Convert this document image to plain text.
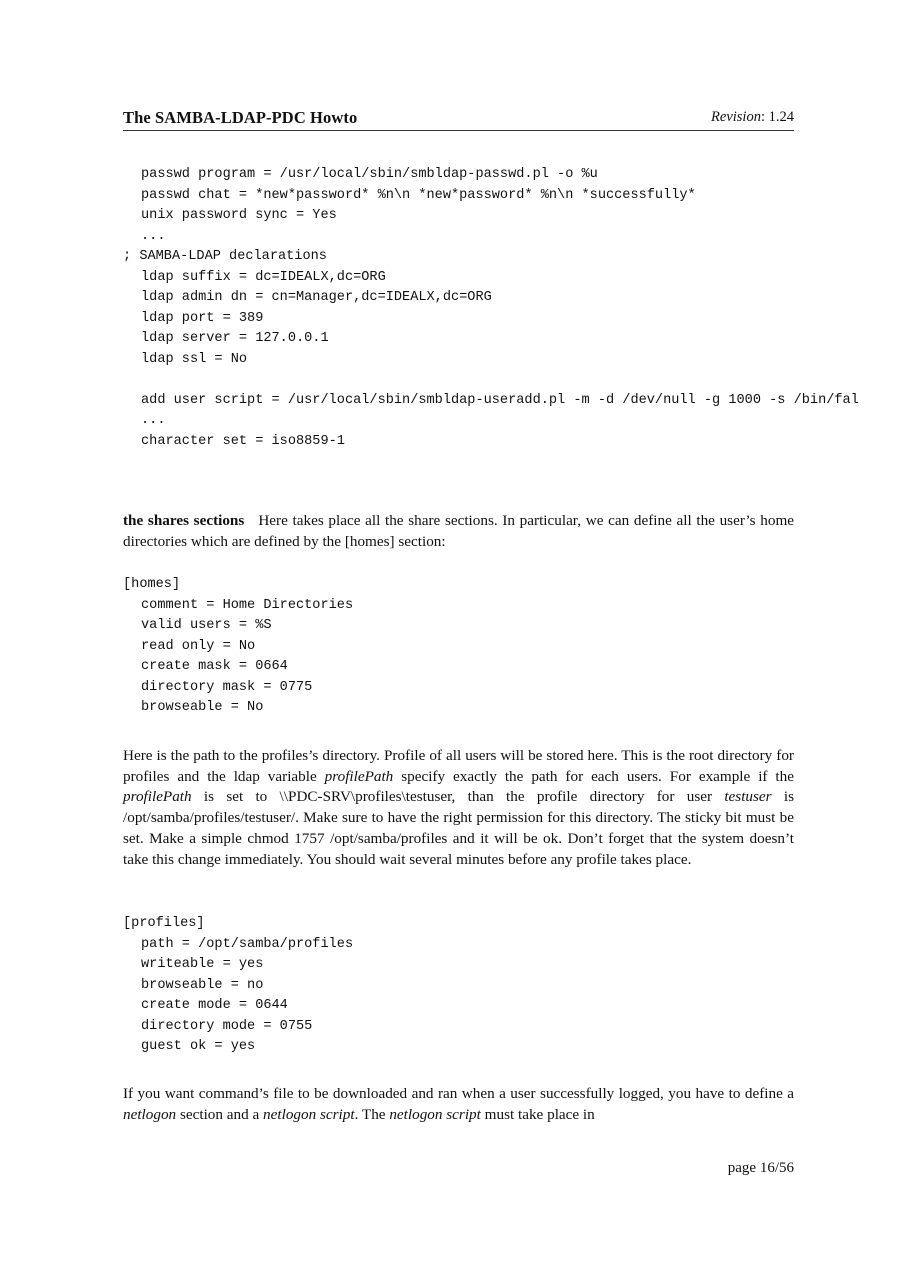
The SAMBA-LDAP-PDC Howto	Revision: 1.24
passwd program = /usr/local/sbin/smbldap-passwd.pl -o %u
passwd chat = *new*password* %n\n *new*password* %n\n *successfully*
unix password sync = Yes
...
; SAMBA-LDAP declarations
ldap suffix = dc=IDEALX,dc=ORG
ldap admin dn = cn=Manager,dc=IDEALX,dc=ORG
ldap port = 389
ldap server = 127.0.0.1
ldap ssl = No
add user script = /usr/local/sbin/smbldap-useradd.pl -m -d /dev/null -g 1000 -s /bin/fal
...
character set = iso8859-1

the shares sections Here takes place all the share sections. In particular, we can define all the user’s home directories which are defined by the [homes] section:

[homes]
comment = Home Directories
valid users = %S
read only = No
create mask = 0664
directory mask = 0775
browseable = No

Here is the path to the profiles’s directory. Profile of all users will be stored here. This is the root directory for profiles and the ldap variable profilePath specify exactly the path for each users. For example if the profilePath is set to \\PDC-SRV\profiles\testuser, than the profile directory for user testuser is /opt/samba/profiles/testuser/. Make sure to have the right permission for this directory. The sticky bit must be set. Make a simple chmod 1757 /opt/samba/profiles and it will be ok. Don’t forget that the system doesn’t take this change immediately. You should wait several minutes before any profile takes place.

[profiles]
path = /opt/samba/profiles
writeable = yes
browseable = no
create mode = 0644
directory mode = 0755
guest ok = yes

If you want command’s file to be downloaded and ran when a user successfully logged, you have to define a netlogon section and a netlogon script. The netlogon script must take place in

page 16/56
